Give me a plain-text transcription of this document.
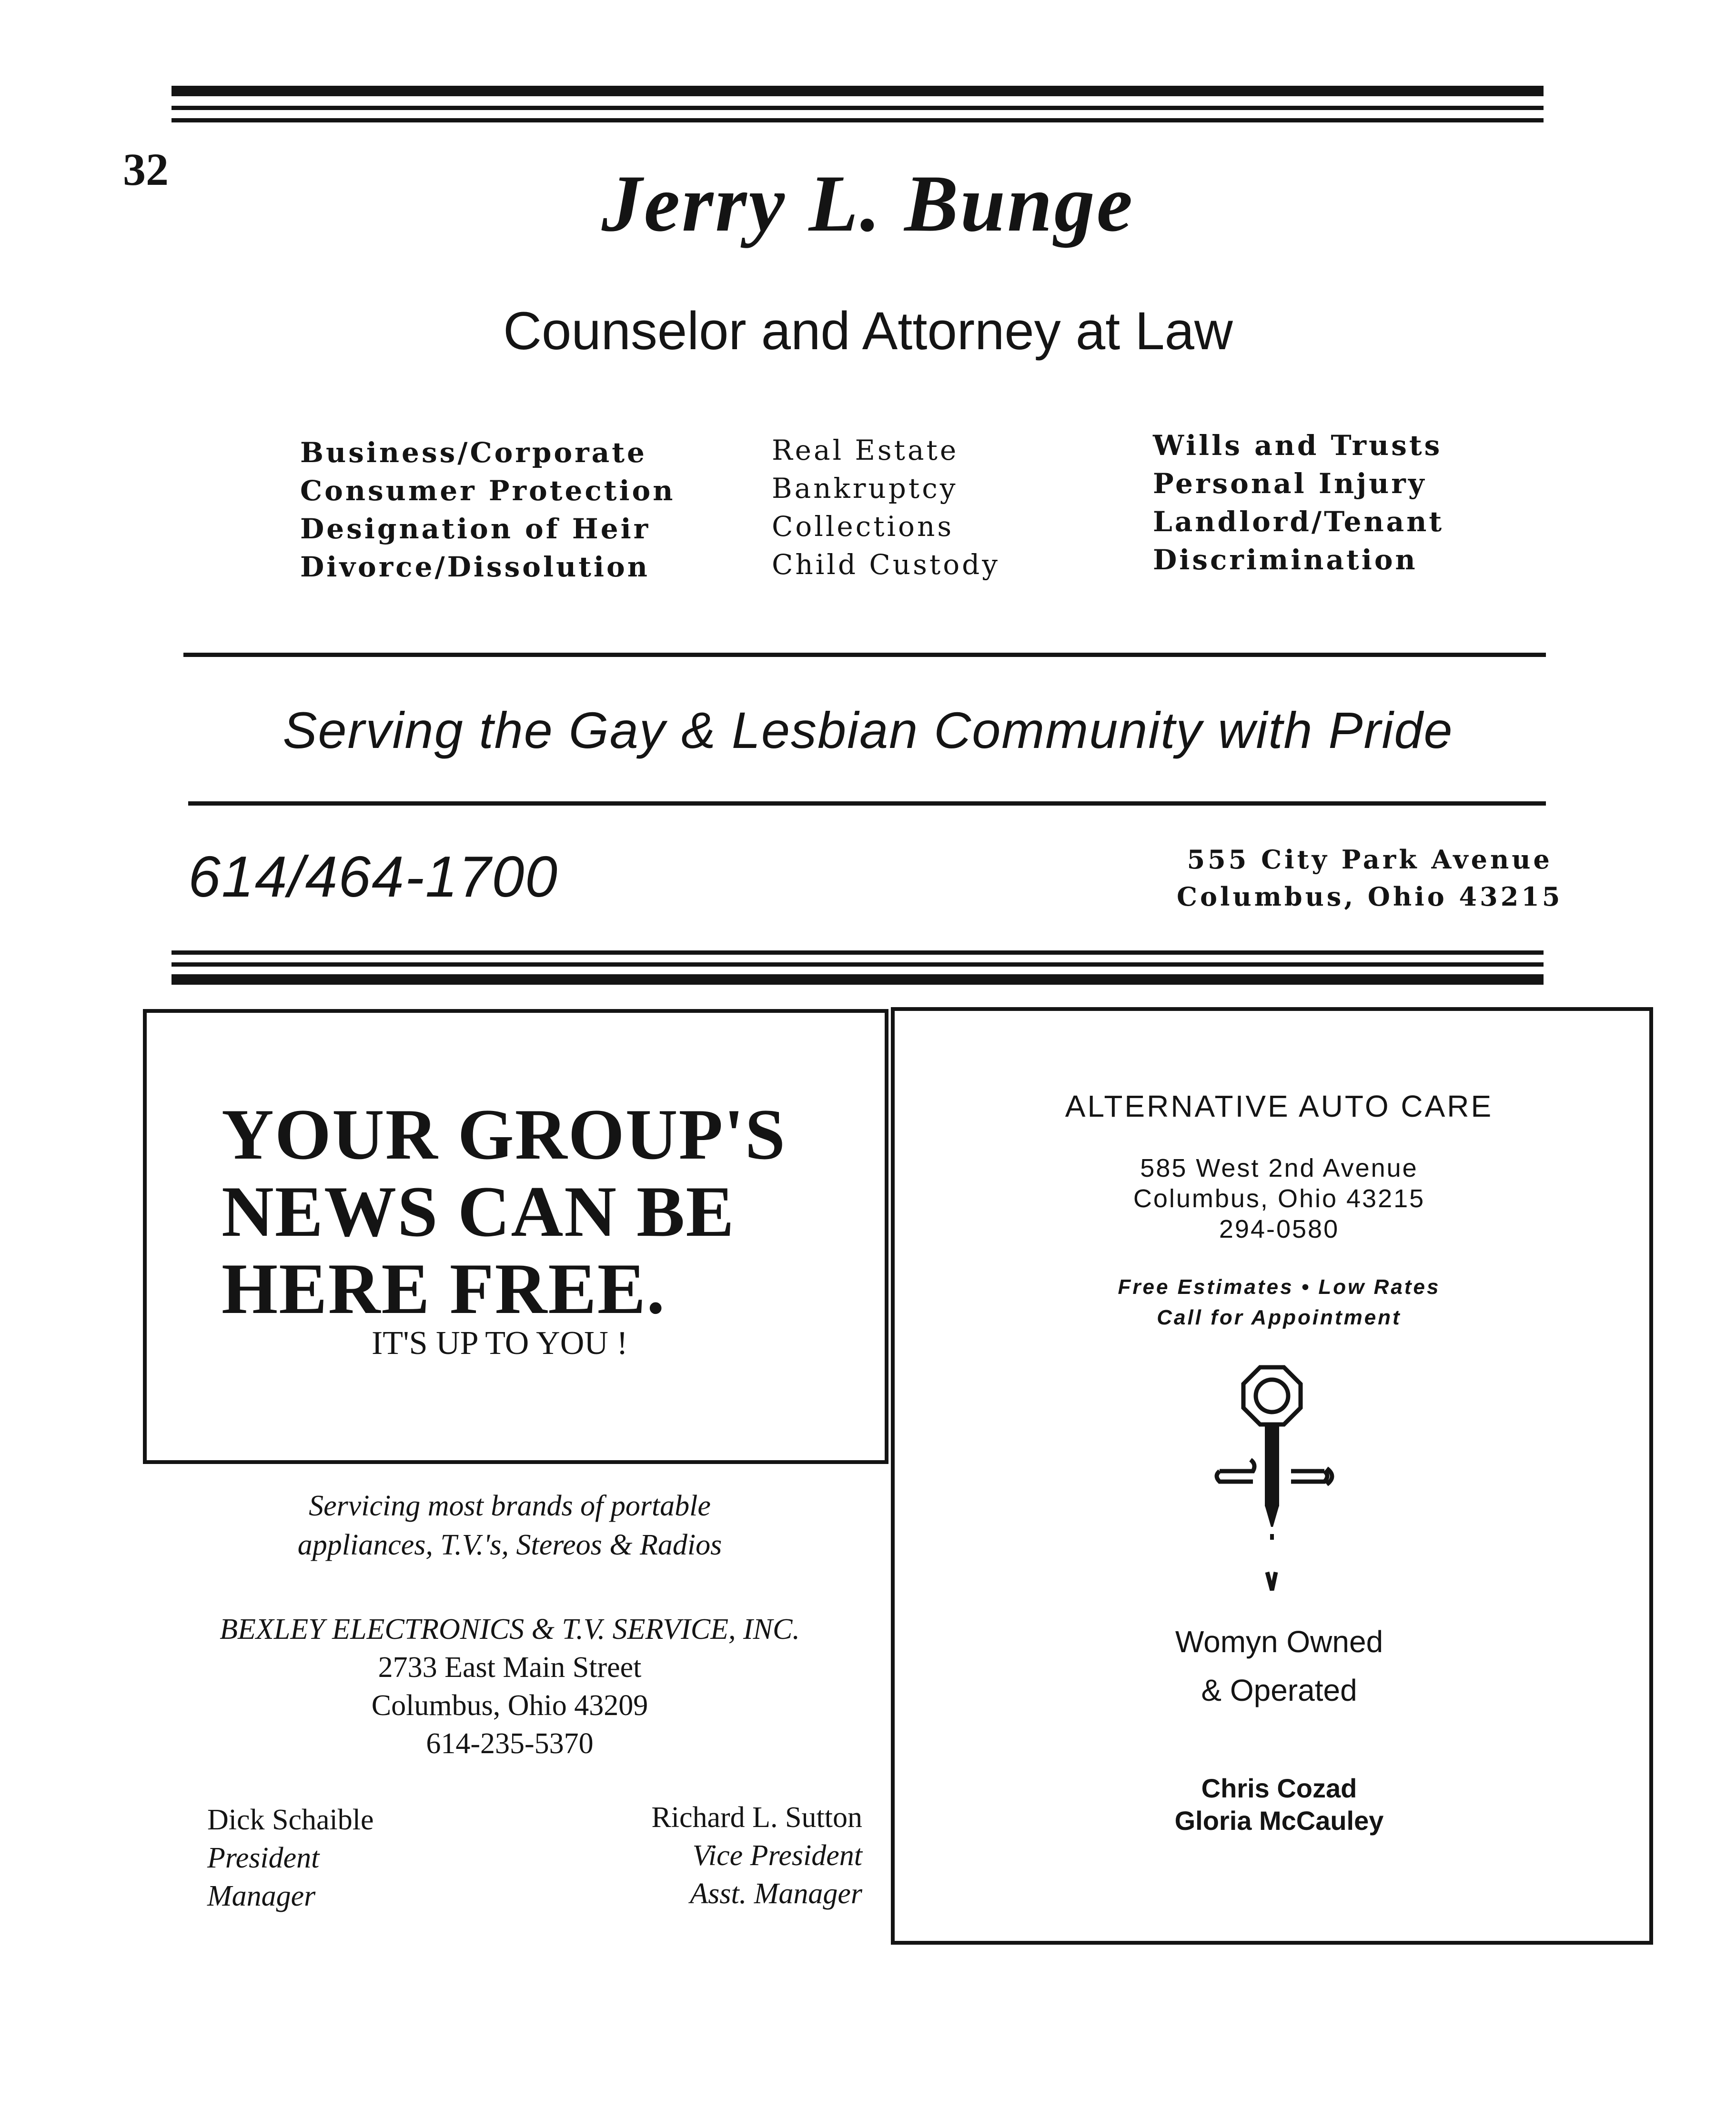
32	Jerry L. Bunge
Counselor and Attorney at Law
Business/Corporate
Consumer Protection
Designation of Heir
Divorce/Dissolution
Real Estate
Bankruptcy
Collections
Child Custody
Wills and Trusts
Personal Injury
Landlord/Tenant
Discrimination
Serving the Gay & Lesbian Community with Pride
614/464-1700	555 City Park Avenue
Columbus, Ohio 43215
YOUR GROUP'S
NEWS CAN BE
HERE FREE.
IT'S UP TO YOU !
Servicing most brands of portable
appliances, T.V.'s, Stereos & Radios
BEXLEY ELECTRONICS & T.V. SERVICE, INC.
2733 East Main Street
Columbus, Ohio 43209
614-235-5370
Dick Schaible
President
Manager
Richard L. Sutton
Vice President
Asst. Manager
ALTERNATIVE AUTO CARE
585 West 2nd Avenue
Columbus, Ohio 43215
294-0580
Free Estimates • Low Rates
Call for Appointment
Womyn Owned
& Operated
Chris Cozad
Gloria McCauley
